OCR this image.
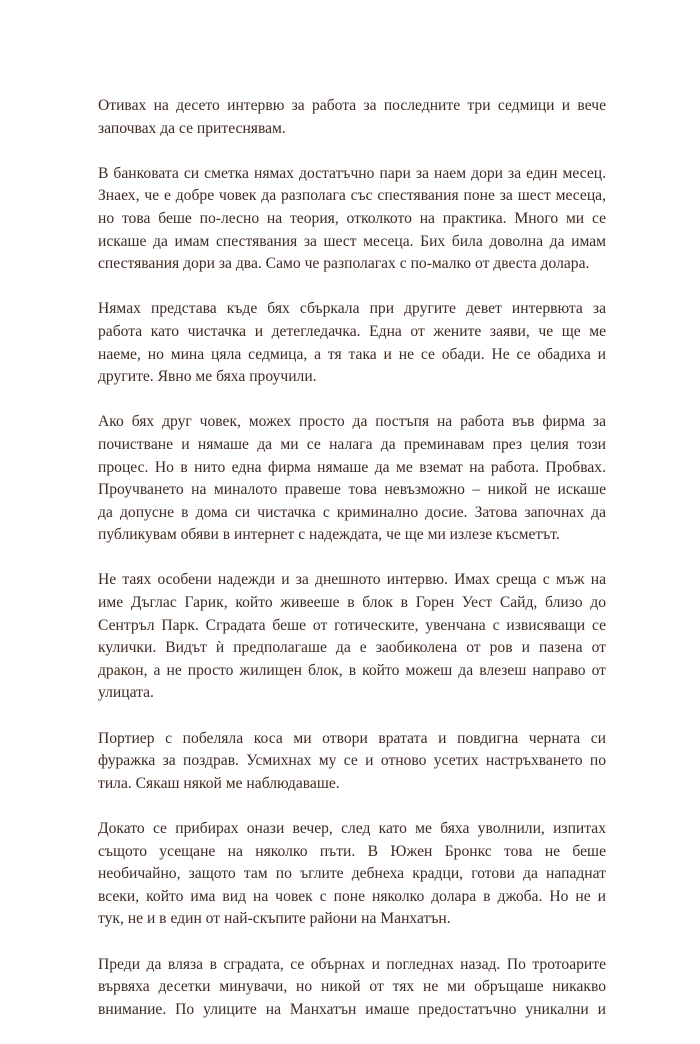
Отивах на десето интервю за работа за последните три седмици и вече
започвах да се притеснявам.

В банковата си сметка нямах достатъчно пари за наем дори за един месец.
Знаех, че е добре човек да разполага със спестявания поне за шест месеца,
но това беше по-лесно на теория, отколкото на практика. Много ми се
искаше да имам спестявания за шест месеца. Бих била доволна да имам
спестявания дори за два. Само че разполагах с по-малко от двеста долара.

Нямах представа къде бях сбъркала при другите девет интервюта за
работа като чистачка и детегледачка. Една от жените заяви, че ще ме
наеме, но мина цяла седмица, а тя така и не се обади. Не се обадиха и
другите. Явно ме бяха проучили.

Ако бях друг човек, можех просто да постъпя на работа във фирма за
почистване и нямаше да ми се налага да преминавам през целия този
процес. Но в нито една фирма нямаше да ме вземат на работа. Пробвах.
Проучването на миналото правеше това невъзможно – никой не искаше
да допусне в дома си чистачка с криминално досие. Затова започнах да
публикувам обяви в интернет с надеждата, че ще ми излезе късметът.

Не таях особени надежди и за днешното интервю. Имах среща с мъж на
име Дъглас Гарик, който живееше в блок в Горен Уест Сайд, близо до
Сентръл Парк. Сградата беше от готическите, увенчана с извисяващи се
кулички. Видът ѝ предполагаше да е заобиколена от ров и пазена от
дракон, а не просто жилищен блок, в който можеш да влезеш направо от
улицата.

Портиер с побеляла коса ми отвори вратата и повдигна черната си
фуражка за поздрав. Усмихнах му се и отново усетих настръхването по
тила. Сякаш някой ме наблюдаваше.

Докато се прибирах онази вечер, след като ме бяха уволнили, изпитах
същото усещане на няколко пъти. В Южен Бронкс това не беше
необичайно, защото там по ъглите дебнеха крадци, готови да нападнат
всеки, който има вид на човек с поне няколко долара в джоба. Но не и
тук, не и в един от най-скъпите райони на Манхатън.

Преди да вляза в сградата, се обърнах и погледнах назад. По тротоарите
вървяха десетки минувачи, но никой от тях не ми обръщаше никакво
внимание. По улиците на Манхатън имаше предостатъчно уникални и
